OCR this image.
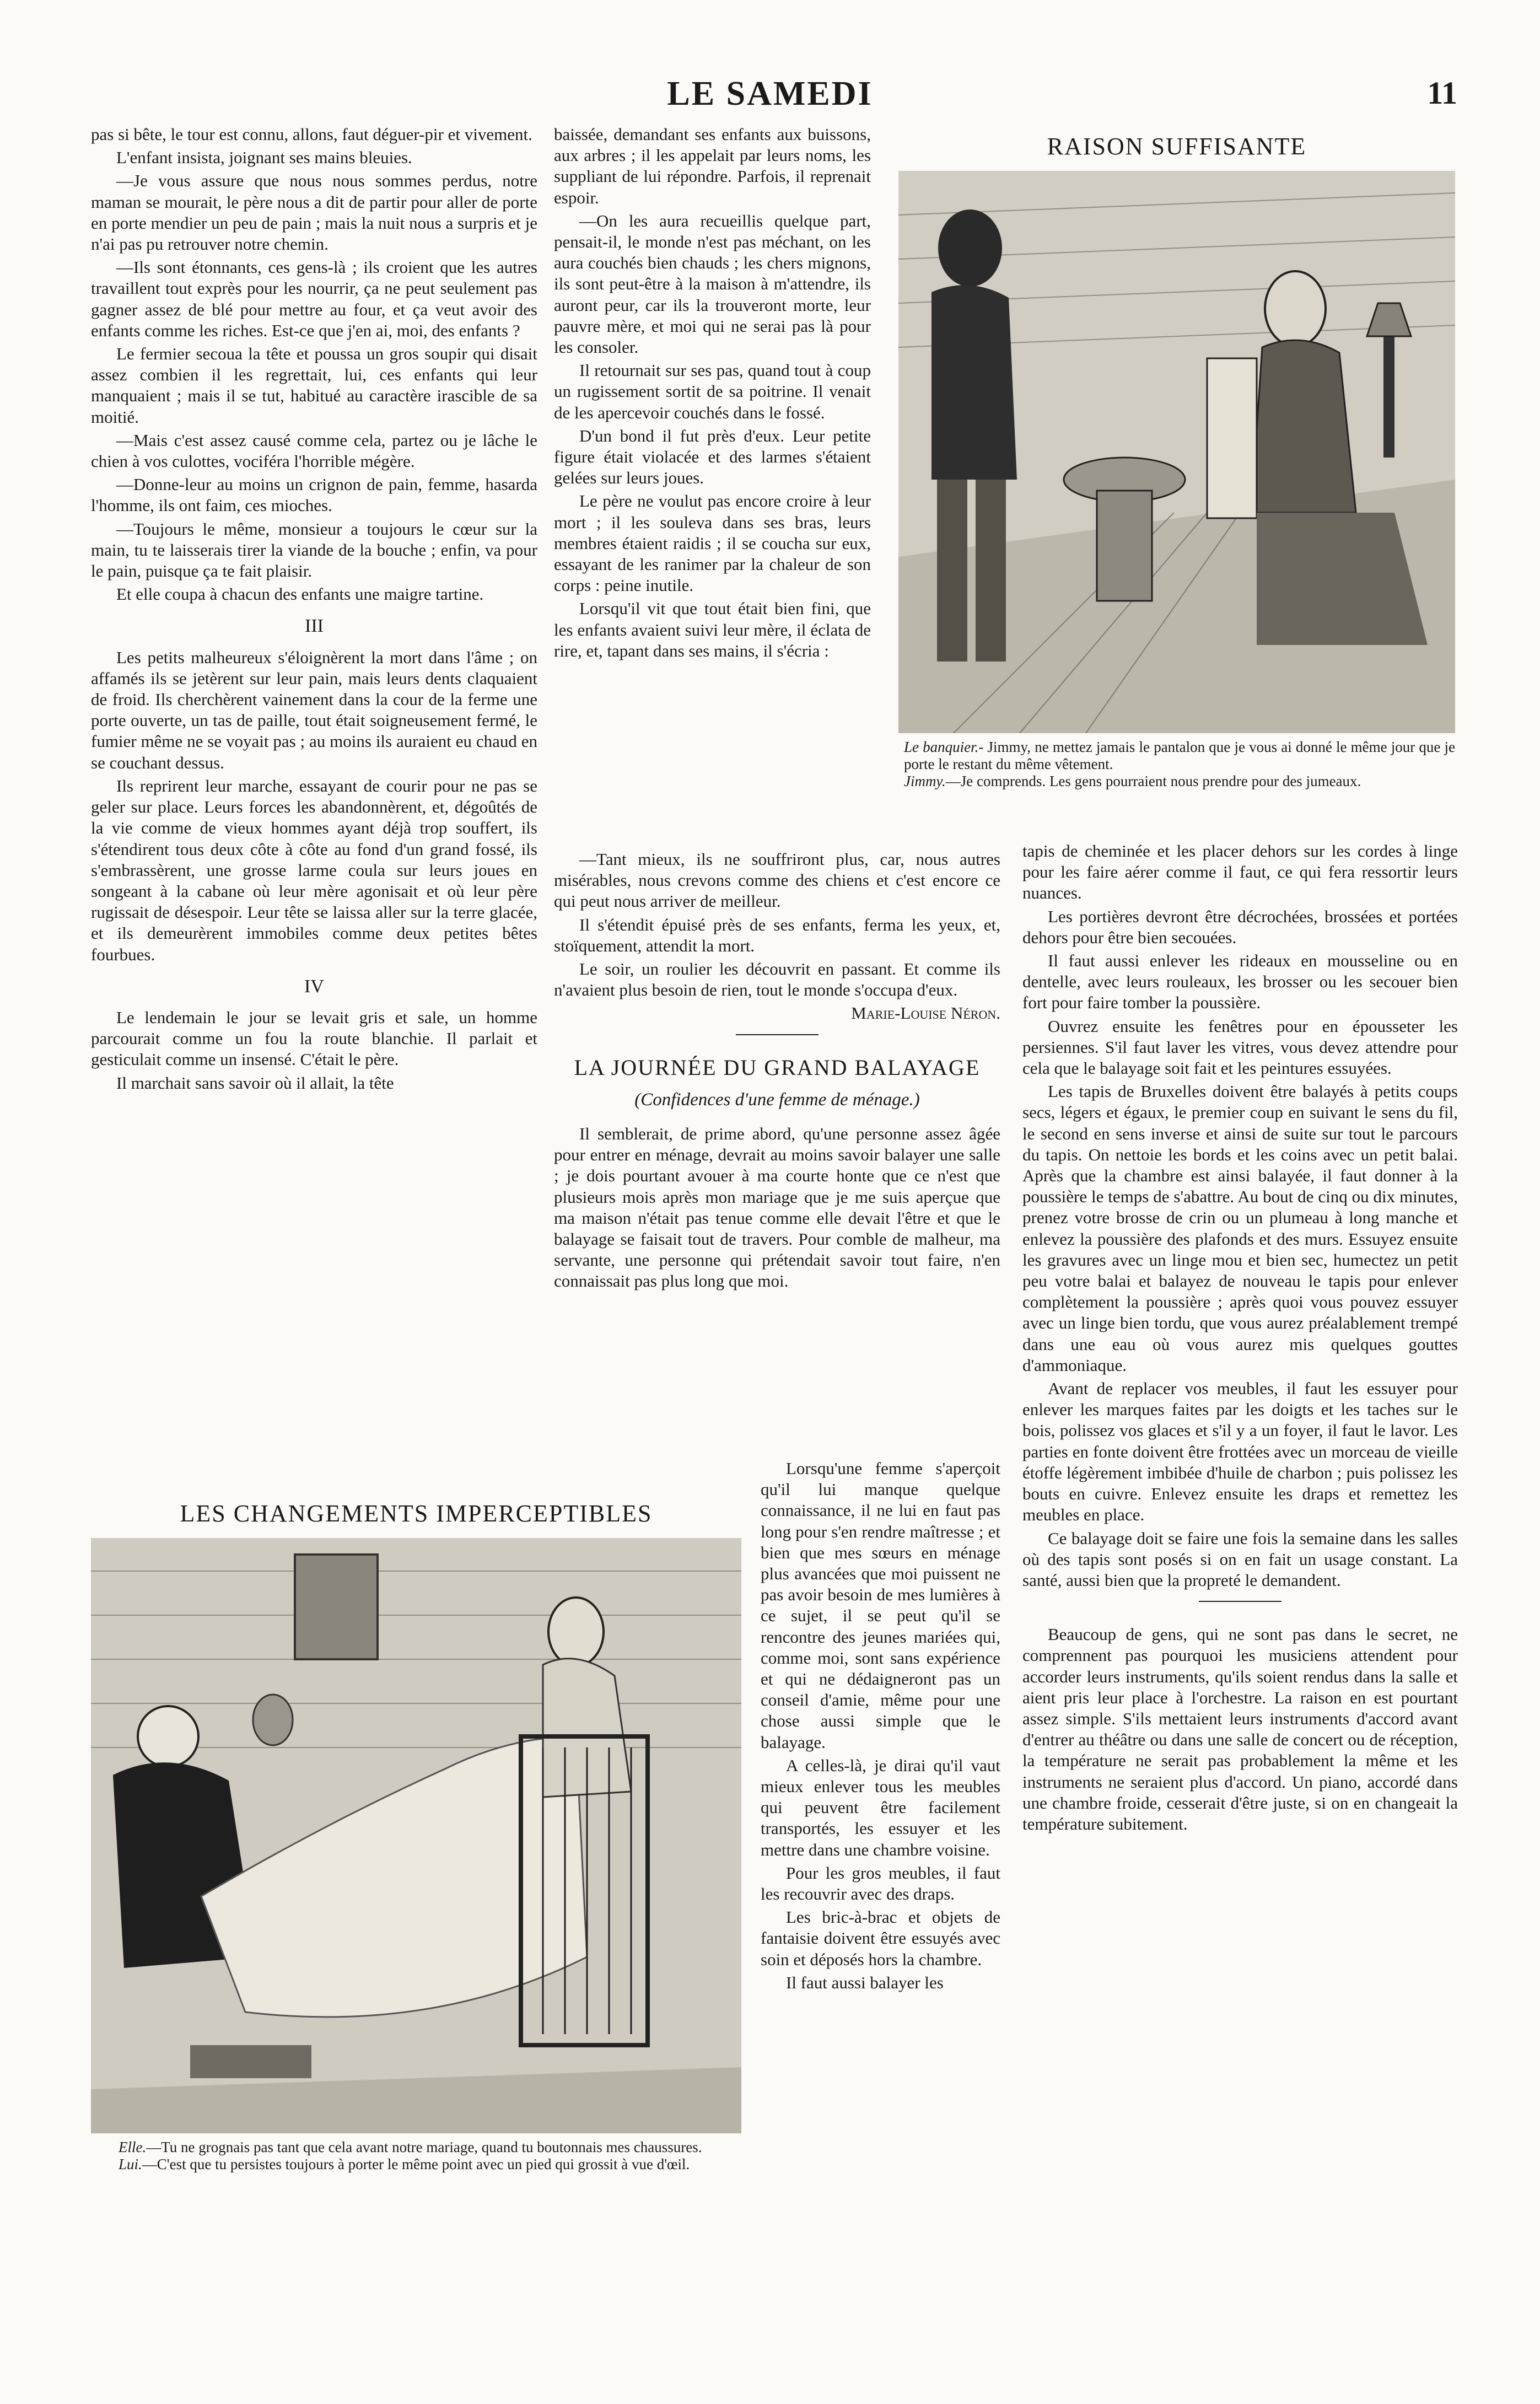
LE SAMEDI	11

pas si bête, le tour est connu, allons, faut déguer-pir et vivement.

L'enfant insista, joignant ses mains bleuies.

—Je vous assure que nous nous sommes perdus, notre maman se mourait, le père nous a dit de partir pour aller de porte en porte mendier un peu de pain ; mais la nuit nous a surpris et je n'ai pas pu retrouver notre chemin.

—Ils sont étonnants, ces gens-là ; ils croient que les autres travaillent tout exprès pour les nourrir, ça ne peut seulement pas gagner assez de blé pour mettre au four, et ça veut avoir des enfants comme les riches. Est-ce que j'en ai, moi, des enfants ?

Le fermier secoua la tête et poussa un gros soupir qui disait assez combien il les regrettait, lui, ces enfants qui leur manquaient ; mais il se tut, habitué au caractère irascible de sa moitié.

—Mais c'est assez causé comme cela, partez ou je lâche le chien à vos culottes, vociféra l'horrible mégère.

—Donne-leur au moins un crignon de pain, femme, hasarda l'homme, ils ont faim, ces mioches.

—Toujours le même, monsieur a toujours le cœur sur la main, tu te laisserais tirer la viande de la bouche ; enfin, va pour le pain, puisque ça te fait plaisir.

Et elle coupa à chacun des enfants une maigre tartine.

III

Les petits malheureux s'éloignèrent la mort dans l'âme ; on affamés ils se jetèrent sur leur pain, mais leurs dents claquaient de froid. Ils cherchèrent vainement dans la cour de la ferme une porte ouverte, un tas de paille, tout était soigneusement fermé, le fumier même ne se voyait pas ; au moins ils auraient eu chaud en se couchant dessus.

Ils reprirent leur marche, essayant de courir pour ne pas se geler sur place. Leurs forces les abandonnèrent, et, dégoûtés de la vie comme de vieux hommes ayant déjà trop souffert, ils s'étendirent tous deux côte à côte au fond d'un grand fossé, ils s'embrassèrent, une grosse larme coula sur leurs joues en songeant à la cabane où leur mère agonisait et où leur père rugissait de désespoir. Leur tête se laissa aller sur la terre glacée, et ils demeurèrent immobiles comme deux petites bêtes fourbues.

IV

Le lendemain le jour se levait gris et sale, un homme parcourait comme un fou la route blanchie. Il parlait et gesticulait comme un insensé. C'était le père.

Il marchait sans savoir où il allait, la tête

LES CHANGEMENTS IMPERCEPTIBLES

Elle.—Tu ne grognais pas tant que cela avant notre mariage, quand tu boutonnais mes chaussures.

Lui.—C'est que tu persistes toujours à porter le même point avec un pied qui grossit à vue d'œil.

baissée, demandant ses enfants aux buissons, aux arbres ; il les appelait par leurs noms, les suppliant de lui répondre. Parfois, il reprenait espoir.

—On les aura recueillis quelque part, pensait-il, le monde n'est pas méchant, on les aura couchés bien chauds ; les chers mignons, ils sont peut-être à la maison à m'attendre, ils auront peur, car ils la trouveront morte, leur pauvre mère, et moi qui ne serai pas là pour les consoler.

Il retournait sur ses pas, quand tout à coup un rugissement sortit de sa poitrine. Il venait de les apercevoir couchés dans le fossé.

D'un bond il fut près d'eux. Leur petite figure était violacée et des larmes s'étaient gelées sur leurs joues.

Le père ne voulut pas encore croire à leur mort ; il les souleva dans ses bras, leurs membres étaient raidis ; il se coucha sur eux, essayant de les ranimer par la chaleur de son corps : peine inutile.

Lorsqu'il vit que tout était bien fini, que les enfants avaient suivi leur mère, il éclata de rire, et, tapant dans ses mains, il s'écria :

—Tant mieux, ils ne souffriront plus, car, nous autres misérables, nous crevons comme des chiens et c'est encore ce qui peut nous arriver de meilleur.

Il s'étendit épuisé près de ses enfants, ferma les yeux, et, stoïquement, attendit la mort.

Le soir, un roulier les découvrit en passant. Et comme ils n'avaient plus besoin de rien, tout le monde s'occupa d'eux.

Marie-Louise Néron.
LA JOURNÉE DU GRAND BALAYAGE
(Confidences d'une femme de ménage.)

Il semblerait, de prime abord, qu'une personne assez âgée pour entrer en ménage, devrait au moins savoir balayer une salle ; je dois pourtant avouer à ma courte honte que ce n'est que plusieurs mois après mon mariage que je me suis aperçue que ma maison n'était pas tenue comme elle devait l'être et que le balayage se faisait tout de travers. Pour comble de malheur, ma servante, une personne qui prétendait savoir tout faire, n'en connaissait pas plus long que moi.

Lorsqu'une femme s'aperçoit qu'il lui manque quelque connaissance, il ne lui en faut pas long pour s'en rendre maîtresse ; et bien que mes sœurs en ménage plus avancées que moi puissent ne pas avoir besoin de mes lumières à ce sujet, il se peut qu'il se rencontre des jeunes mariées qui, comme moi, sont sans expérience et qui ne dédaigneront pas un conseil d'amie, même pour une chose aussi simple que le balayage.

A celles-là, je dirai qu'il vaut mieux enlever tous les meubles qui peuvent être facilement transportés, les essuyer et les mettre dans une chambre voisine.

Pour les gros meubles, il faut les recouvrir avec des draps.

Les bric-à-brac et objets de fantaisie doivent être essuyés avec soin et déposés hors la chambre.

Il faut aussi balayer les

RAISON SUFFISANTE

Le banquier.- Jimmy, ne mettez jamais le pantalon que je vous ai donné le même jour que je porte le restant du même vêtement.

Jimmy.—Je comprends. Les gens pourraient nous prendre pour des jumeaux.

tapis de cheminée et les placer dehors sur les cordes à linge pour les faire aérer comme il faut, ce qui fera ressortir leurs nuances.

Les portières devront être décrochées, brossées et portées dehors pour être bien secouées.

Il faut aussi enlever les rideaux en mousseline ou en dentelle, avec leurs rouleaux, les brosser ou les secouer bien fort pour faire tomber la poussière.

Ouvrez ensuite les fenêtres pour en épousseter les persiennes. S'il faut laver les vitres, vous devez attendre pour cela que le balayage soit fait et les peintures essuyées.

Les tapis de Bruxelles doivent être balayés à petits coups secs, légers et égaux, le premier coup en suivant le sens du fil, le second en sens inverse et ainsi de suite sur tout le parcours du tapis. On nettoie les bords et les coins avec un petit balai. Après que la chambre est ainsi balayée, il faut donner à la poussière le temps de s'abattre. Au bout de cinq ou dix minutes, prenez votre brosse de crin ou un plumeau à long manche et enlevez la poussière des plafonds et des murs. Essuyez ensuite les gravures avec un linge mou et bien sec, humectez un petit peu votre balai et balayez de nouveau le tapis pour enlever complètement la poussière ; après quoi vous pouvez essuyer avec un linge bien tordu, que vous aurez préalablement trempé dans une eau où vous aurez mis quelques gouttes d'ammoniaque.

Avant de replacer vos meubles, il faut les essuyer pour enlever les marques faites par les doigts et les taches sur le bois, polissez vos glaces et s'il y a un foyer, il faut le lavor. Les parties en fonte doivent être frottées avec un morceau de vieille étoffe légèrement imbibée d'huile de charbon ; puis polissez les bouts en cuivre. Enlevez ensuite les draps et remettez les meubles en place.

Ce balayage doit se faire une fois la semaine dans les salles où des tapis sont posés si on en fait un usage constant. La santé, aussi bien que la propreté le demandent.

Beaucoup de gens, qui ne sont pas dans le secret, ne comprennent pas pourquoi les musiciens attendent pour accorder leurs instruments, qu'ils soient rendus dans la salle et aient pris leur place à l'orchestre. La raison en est pourtant assez simple. S'ils mettaient leurs instruments d'accord avant d'entrer au théâtre ou dans une salle de concert ou de réception, la température ne serait pas probablement la même et les instruments ne seraient plus d'accord. Un piano, accordé dans une chambre froide, cesserait d'être juste, si on en changeait la température subitement.
